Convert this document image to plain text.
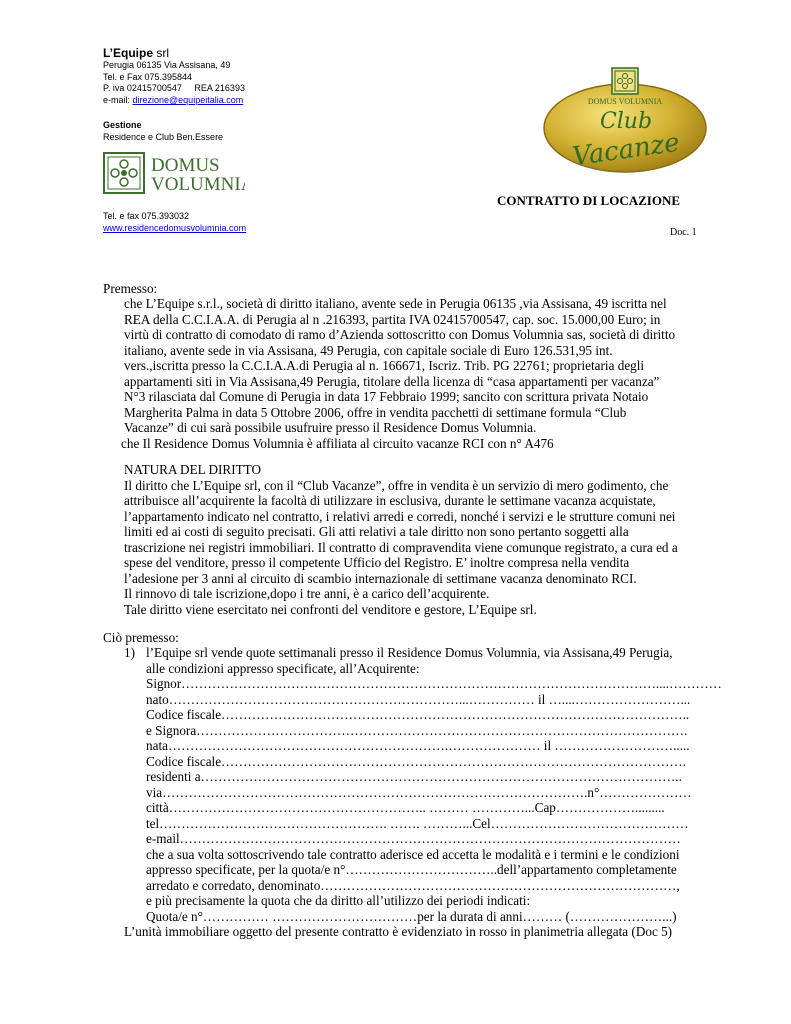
L’Equipe srl
Perugia 06135 Via Assisana, 49
Tel. e Fax 075.395844
P. iva 02415700547     REA 216393
e-mail: direzione@equipeitalia.com
Gestione
Residence e Club Ben.Essere
DOMUS
VOLUMNIA
Tel. e fax 075.393032
www.residencedomusvolumnia.com
DOMUS VOLUMNIA
Club
Vacanze
CONTRATTO DI LOCAZIONE
Doc. 1
Premesso:
che L’Equipe s.r.l., società di diritto italiano, avente sede in Perugia 06135 ,via Assisana, 49 iscritta nel
REA della C.C.I.A.A. di Perugia al n .216393, partita IVA 02415700547, cap. soc. 15.000,00 Euro; in
virtù di contratto di comodato di ramo d’Azienda sottoscritto con Domus Volumnia sas, società di diritto
italiano, avente sede in via Assisana, 49 Perugia, con capitale sociale di Euro 126.531,95 int.
vers.,iscritta presso la C.C.I.A.A.di Perugia al n. 166671, Iscriz. Trib. PG 22761; proprietaria degli
appartamenti siti in Via Assisana,49 Perugia, titolare della licenza di “casa appartamenti per vacanza”
N°3 rilasciata dal Comune di Perugia in data 17 Febbraio 1999; sancito con scrittura privata Notaio
Margherita Palma in data 5 Ottobre 2006, offre in vendita pacchetti di settimane formula “Club
Vacanze” di cui sarà possibile usufruire presso il Residence Domus Volumnia.
che Il Residence Domus Volumnia è affiliata al circuito vacanze RCI con n° A476
NATURA DEL DIRITTO
Il diritto che L’Equipe srl, con il “Club Vacanze”, offre in vendita è un servizio di mero godimento, che
attribuisce all’acquirente la facoltà di utilizzare in esclusiva, durante le settimane vacanza acquistate,
l’appartamento indicato nel contratto, i relativi arredi e corredi, nonché i servizi e le strutture comuni nei
limiti ed ai costi di seguito precisati. Gli atti relativi a tale diritto non sono pertanto soggetti alla
trascrizione nei registri immobiliari. Il contratto di compravendita viene comunque registrato, a cura ed a
spese del venditore, presso il competente Ufficio del Registro. E’ inoltre compresa nella vendita
l’adesione per 3 anni al circuito di scambio internazionale di settimane vacanza denominato RCI.
Il rinnovo di tale iscrizione,dopo i tre anni, è a carico dell’acquirente.
Tale diritto viene esercitato nei confronti del venditore e gestore, L’Equipe srl.
Ciò premesso:
1) l’Equipe srl vende quote settimanali presso il Residence Domus Volumnia, via Assisana,49 Perugia,
alle condizioni appresso specificate, all’Acquirente:
Signor………………………………………………………………………………………………....…………
nato…………………………………………………………...…………… il …....……………………...
Codice fiscale……………………………………………………………………………………………..
e Signora………………………………………………………………………………………………….
nata……………………………………………………….………………… il ……………………….....
Codice fiscale…………………………………………………………………………………………….
residenti a………………………………………………………………………………………………..
via…………………………………………………………………………………….n°…………………
città………………………………………………….. ……… …………...Cap……………….........
tel……………………………………………. ……. ………...Cel………………………………………
e-mail……………………………………………………………………………………………………
che a sua volta sottoscrivendo tale contratto aderisce ed accetta le modalità e i termini e le condizioni
appresso specificate, per la quota/e n°……………………………..dell’appartamento completamente
arredato e corredato, denominato………………………………………………………………………,
e più precisamente la quota che da diritto all’utilizzo dei periodi indicati:
Quota/e n°…………… ……………………………per la durata di anni……… (…………………...)
L’unità immobiliare oggetto del presente contratto è evidenziato in rosso in planimetria allegata (Doc 5)
